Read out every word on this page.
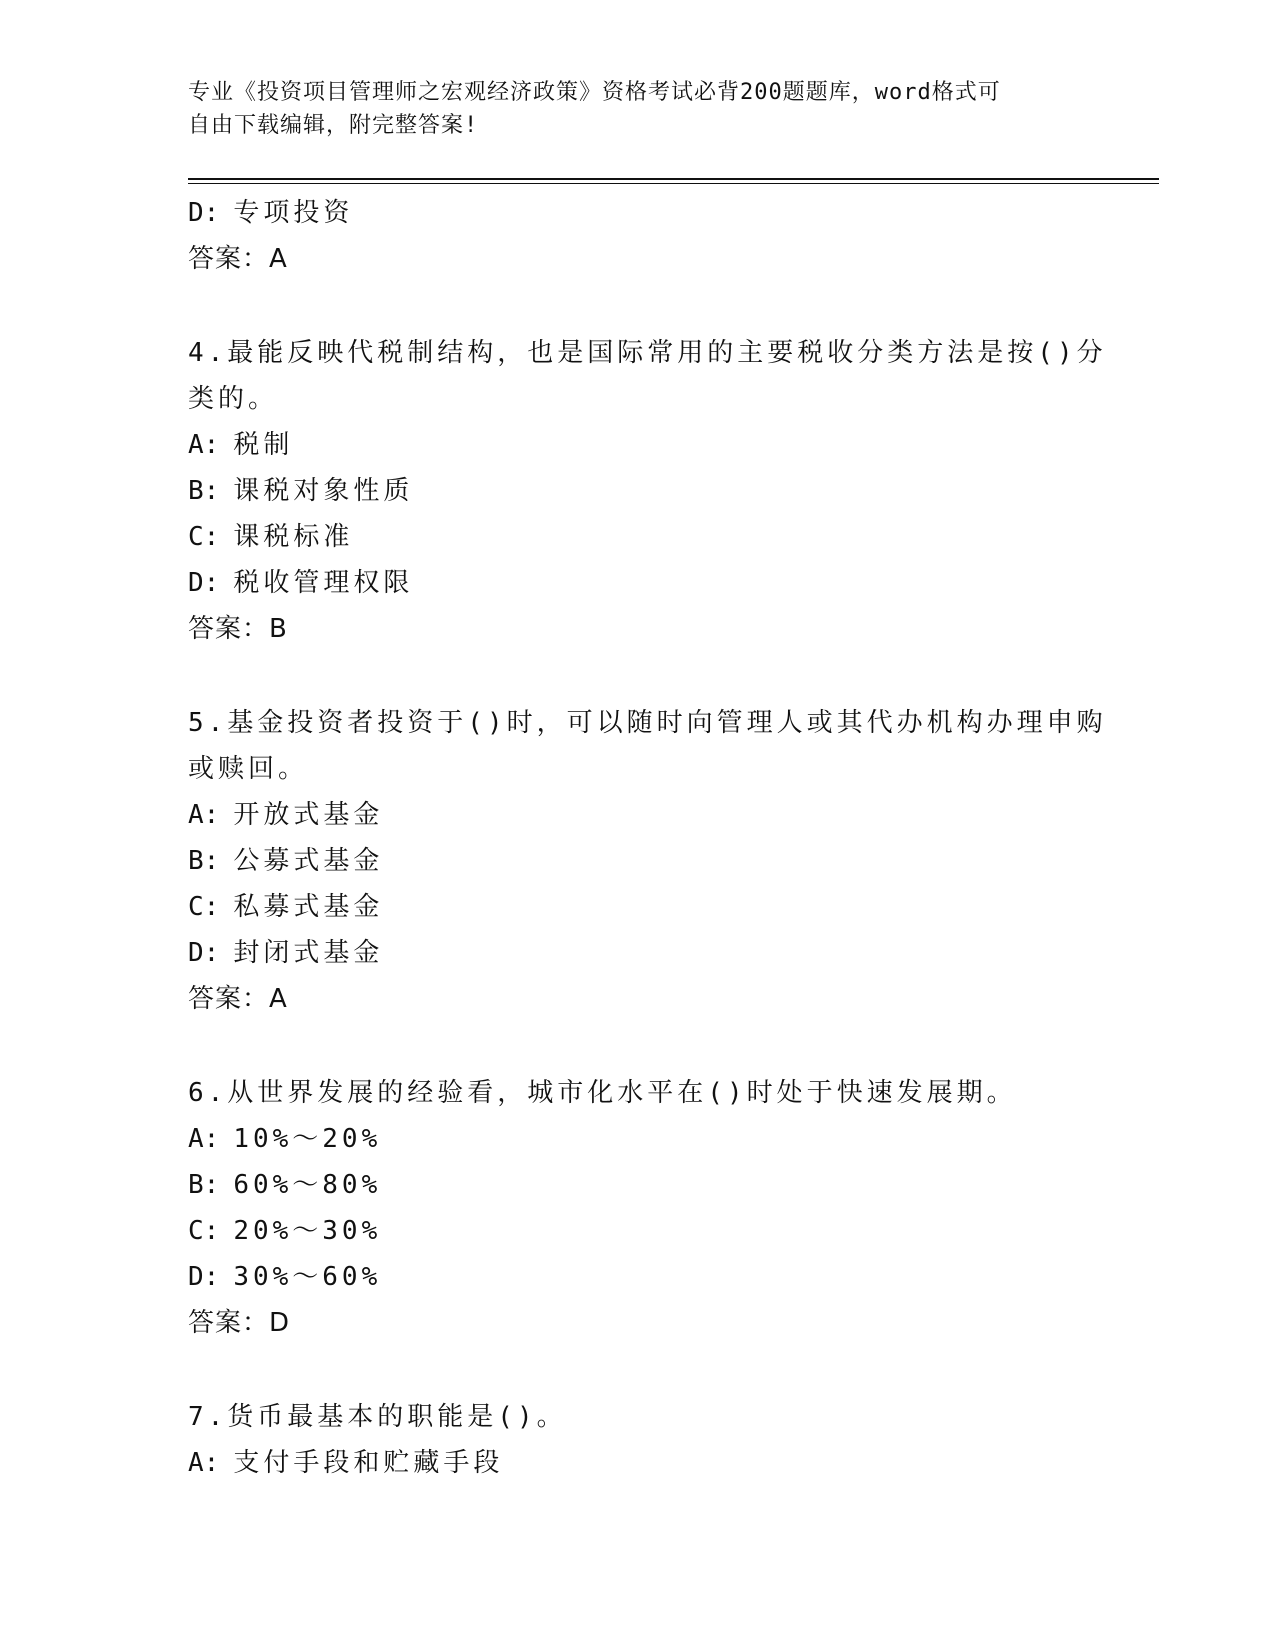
专业《投资项目管理师之宏观经济政策》资格考试必背200题题库，word格式可
自由下载编辑，附完整答案!
D: 专项投资
答案：A
4.最能反映代税制结构，也是国际常用的主要税收分类方法是按()分
类的。
A: 税制
B: 课税对象性质
C: 课税标准
D: 税收管理权限
答案：B
5.基金投资者投资于()时，可以随时向管理人或其代办机构办理申购
或赎回。
A: 开放式基金
B: 公募式基金
C: 私募式基金
D: 封闭式基金
答案：A
6.从世界发展的经验看，城市化水平在()时处于快速发展期。
A: 10%～20%
B: 60%～80%
C: 20%～30%
D: 30%～60%
答案：D
7.货币最基本的职能是()。
A: 支付手段和贮藏手段
